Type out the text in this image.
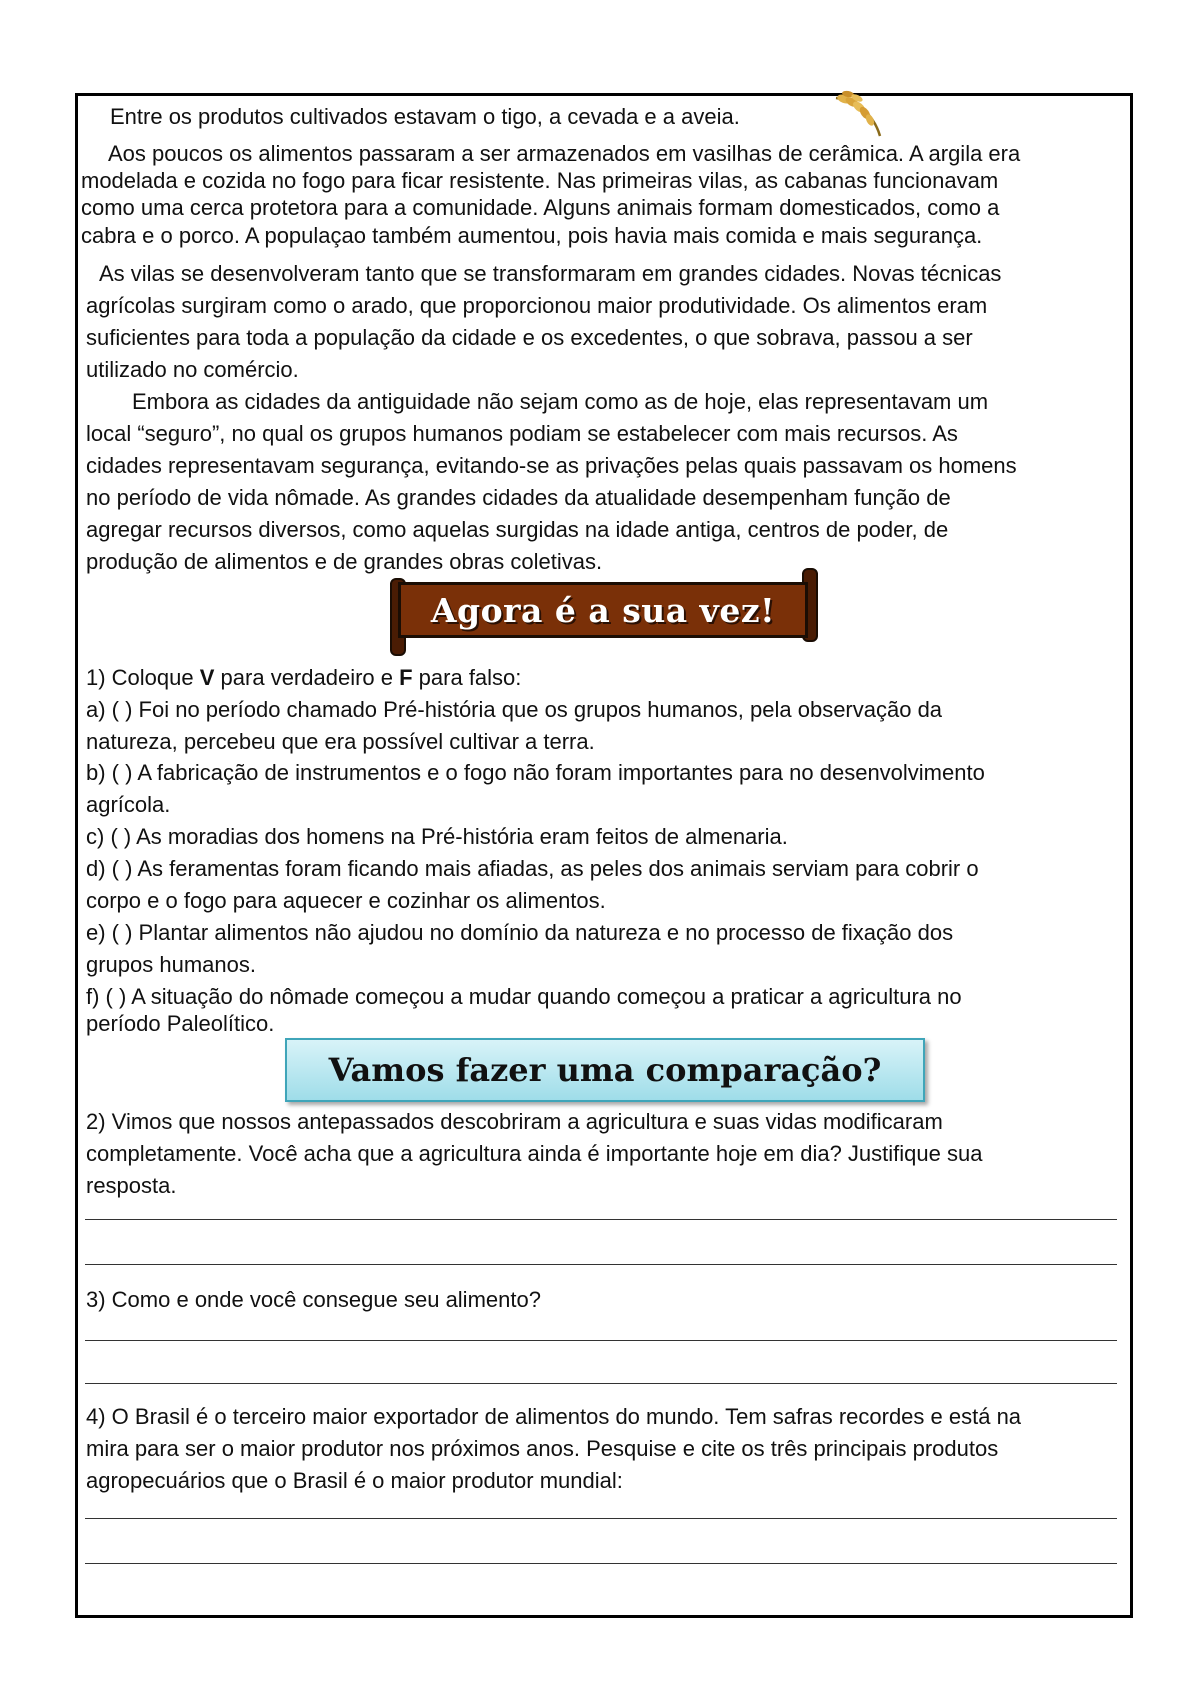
Entre os produtos cultivados estavam o tigo, a cevada e a aveia.
Aos poucos os alimentos passaram a ser armazenados em vasilhas de cerâmica. A argila era
modelada e cozida no fogo para ficar resistente. Nas primeiras vilas, as cabanas funcionavam
como uma cerca protetora para a comunidade. Alguns animais formam domesticados, como a
cabra e o porco. A populaçao também aumentou, pois havia mais comida e mais segurança.
As vilas se desenvolveram tanto que se transformaram em grandes cidades. Novas técnicas
agrícolas surgiram como o arado, que proporcionou maior produtividade. Os alimentos eram
suficientes para toda a população da cidade e os excedentes, o que sobrava, passou a ser
utilizado no comércio.
Embora as cidades da antiguidade não sejam como as de hoje, elas representavam um
local “seguro”, no qual os grupos humanos podiam se estabelecer com mais recursos. As
cidades representavam segurança, evitando-se as privações pelas quais passavam os homens
no período de vida nômade. As grandes cidades da atualidade desempenham função de
agregar recursos diversos, como aquelas surgidas na idade antiga, centros de poder, de
produção de alimentos e de grandes obras coletivas.
Agora é a sua vez!
1) Coloque V para verdadeiro e F para falso:
a) ( ) Foi no período chamado Pré-história que os grupos humanos, pela observação da
natureza, percebeu que era possível cultivar a terra.
b) ( ) A fabricação de instrumentos e o fogo não foram importantes para no desenvolvimento
agrícola.
c) ( ) As moradias dos homens na Pré-história eram feitos de almenaria.
d) ( ) As feramentas foram ficando mais afiadas, as peles dos animais serviam para cobrir o
corpo e o fogo para aquecer e cozinhar os alimentos.
e) ( ) Plantar alimentos não ajudou no domínio da natureza e no processo de fixação dos
grupos humanos.
f) ( ) A situação do nômade começou a mudar quando começou a praticar a agricultura no
período Paleolítico.
Vamos fazer uma comparação?
2) Vimos que nossos antepassados descobriram a agricultura e suas vidas modificaram
completamente. Você acha que a agricultura ainda é importante hoje em dia? Justifique sua
resposta.
3) Como e onde você consegue seu alimento?
4) O Brasil é o terceiro maior exportador de alimentos do mundo. Tem safras recordes e está na
mira para ser o maior produtor nos próximos anos. Pesquise e cite os três principais produtos
agropecuários que o Brasil é o maior produtor mundial:
